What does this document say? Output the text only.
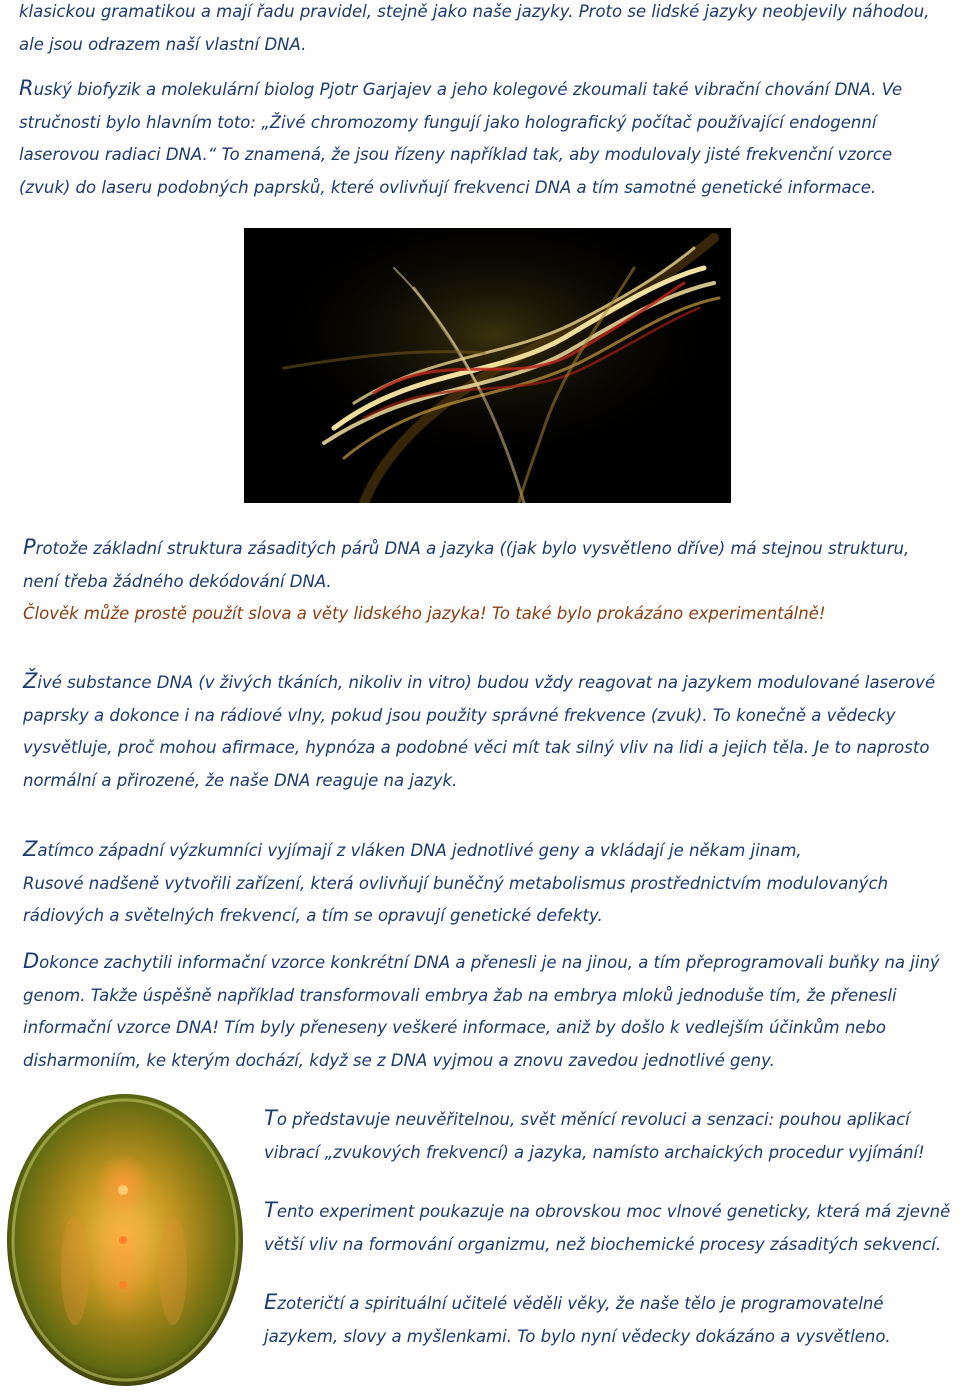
klasickou gramatikou a mají řadu pravidel, stejně jako naše jazyky. Proto se lidské jazyky neobjevily náhodou,
ale jsou odrazem naší vlastní DNA.
Ruský biofyzik a molekulární biolog Pjotr Garjajev a jeho kolegové zkoumali také vibrační chování DNA. Ve
stručnosti bylo hlavním toto: „Živé chromozomy fungují jako holografický počítač používající endogenní
laserovou radiaci DNA.“ To znamená, že jsou řízeny například tak, aby modulovaly jisté frekvenční vzorce
(zvuk) do laseru podobných paprsků, které ovlivňují frekvenci DNA a tím samotné genetické informace.
Protože základní struktura zásaditých párů DNA a jazyka ((jak bylo vysvětleno dříve) má stejnou strukturu,
není třeba žádného dekódování DNA.
Člověk může prostě použít slova a věty lidského jazyka! To také bylo prokázáno experimentálně!
Živé substance DNA (v živých tkáních, nikoliv in vitro) budou vždy reagovat na jazykem modulované laserové
paprsky a dokonce i na rádiové vlny, pokud jsou použity správné frekvence (zvuk). To konečně a vědecky
vysvětluje, proč mohou afirmace, hypnóza a podobné věci mít tak silný vliv na lidi a jejich těla. Je to naprosto
normální a přirozené, že naše DNA reaguje na jazyk.
Zatímco západní výzkumníci vyjímají z vláken DNA jednotlivé geny a vkládají je někam jinam,
Rusové nadšeně vytvořili zařízení, která ovlivňují buněčný metabolismus prostřednictvím modulovaných
rádiových a světelných frekvencí, a tím se opravují genetické defekty.
Dokonce zachytili informační vzorce konkrétní DNA a přenesli je na jinou, a tím přeprogramovali buňky na jiný
genom. Takže úspěšně například transformovali embrya žab na embrya mloků jednoduše tím, že přenesli
informační vzorce DNA! Tím byly přeneseny veškeré informace, aniž by došlo k vedlejším účinkům nebo
disharmoniím, ke kterým dochází, když se z DNA vyjmou a znovu zavedou jednotlivé geny.
To představuje neuvěřitelnou, svět měnící revoluci a senzaci: pouhou aplikací
vibrací „zvukových frekvencí) a jazyka, namísto archaických procedur vyjímání!
Tento experiment poukazuje na obrovskou moc vlnové geneticky, která má zjevně
větší vliv na formování organizmu, než biochemické procesy zásaditých sekvencí.
Ezoteričtí a spirituální učitelé věděli věky, že naše tělo je programovatelné
jazykem, slovy a myšlenkami. To bylo nyní vědecky dokázáno a vysvětleno.
